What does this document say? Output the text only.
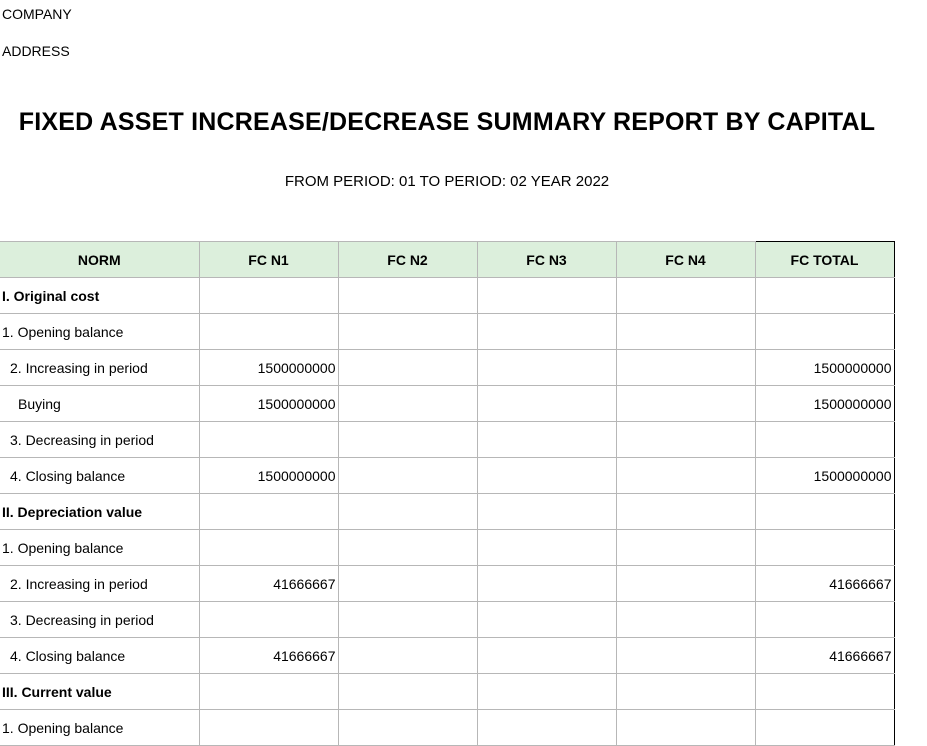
COMPANY
ADDRESS
FIXED ASSET INCREASE/DECREASE SUMMARY REPORT BY CAPITAL
FROM PERIOD: 01 TO PERIOD: 02 YEAR 2022
NORM	FC N1	FC N2	FC N3	FC N4	FC TOTAL
I. Original cost					
1. Opening balance					
2. Increasing in period	1500000000				1500000000
Buying	1500000000				1500000000
3. Decreasing in period					
4. Closing balance	1500000000				1500000000
II. Depreciation value					
1. Opening balance					
2. Increasing in period	41666667				41666667
3. Decreasing in period					
4. Closing balance	41666667				41666667
III. Current value					
1. Opening balance					
